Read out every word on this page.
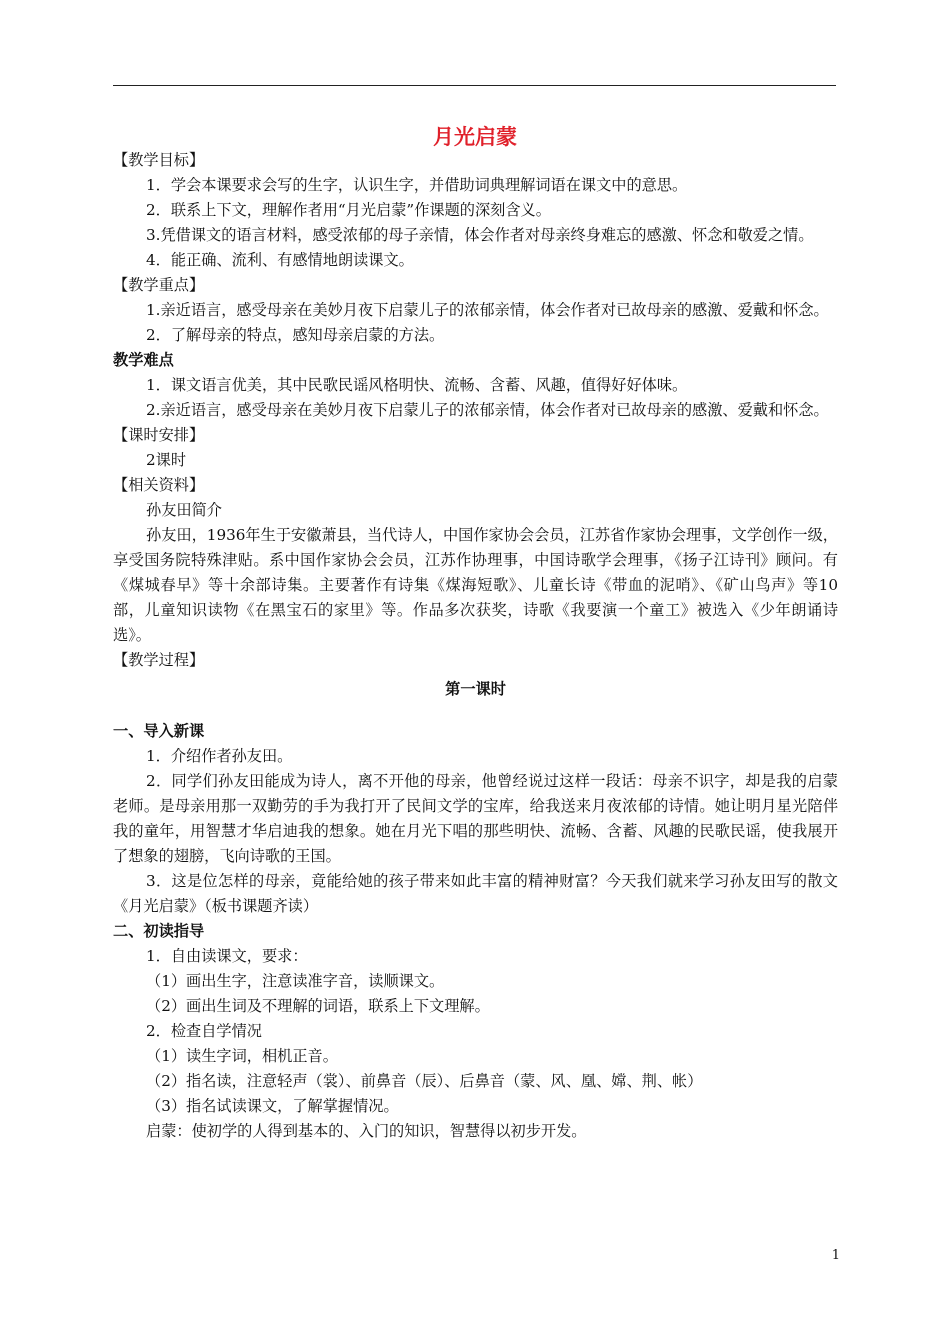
月光启蒙

【教学目标】

1．学会本课要求会写的生字，认识生字，并借助词典理解词语在课文中的意思。

2．联系上下文，理解作者用“月光启蒙”作课题的深刻含义。

3.凭借课文的语言材料，感受浓郁的母子亲情，体会作者对母亲终身难忘的感激、怀念和敬爱之情。

4．能正确、流利、有感情地朗读课文。

【教学重点】

1.亲近语言，感受母亲在美妙月夜下启蒙儿子的浓郁亲情，体会作者对已故母亲的感激、爱戴和怀念。

2．了解母亲的特点，感知母亲启蒙的方法。

教学难点

1．课文语言优美，其中民歌民谣风格明快、流畅、含蓄、风趣，值得好好体味。

2.亲近语言，感受母亲在美妙月夜下启蒙儿子的浓郁亲情，体会作者对已故母亲的感激、爱戴和怀念。

【课时安排】

2课时

【相关资料】

孙友田简介

孙友田，1936年生于安徽萧县，当代诗人，中国作家协会会员，江苏省作家协会理事，文学创作一级，享受国务院特殊津贴。系中国作家协会会员，江苏作协理事，中国诗歌学会理事，《扬子江诗刊》顾问。有《煤城春早》等十余部诗集。主要著作有诗集《煤海短歌》、儿童长诗《带血的泥哨》、《矿山鸟声》等10部，儿童知识读物《在黑宝石的家里》等。作品多次获奖，诗歌《我要演一个童工》被选入《少年朗诵诗选》。

【教学过程】

第一课时

一、导入新课

1．介绍作者孙友田。

2．同学们孙友田能成为诗人，离不开他的母亲，他曾经说过这样一段话：母亲不识字，却是我的启蒙老师。是母亲用那一双勤劳的手为我打开了民间文学的宝库，给我送来月夜浓郁的诗情。她让明月星光陪伴我的童年，用智慧才华启迪我的想象。她在月光下唱的那些明快、流畅、含蓄、风趣的民歌民谣，使我展开了想象的翅膀，飞向诗歌的王国。

3．这是位怎样的母亲，竟能给她的孩子带来如此丰富的精神财富？今天我们就来学习孙友田写的散文《月光启蒙》（板书课题齐读）

二、初读指导

1．自由读课文，要求：

（1）画出生字，注意读准字音，读顺课文。

（2）画出生词及不理解的词语，联系上下文理解。

2．检查自学情况

（1）读生字词，相机正音。

（2）指名读，注意轻声（裳）、前鼻音（辰）、后鼻音（蒙、风、凰、嫦、荆、帐）

（3）指名试读课文，了解掌握情况。

启蒙：使初学的人得到基本的、入门的知识，智慧得以初步开发。

1
